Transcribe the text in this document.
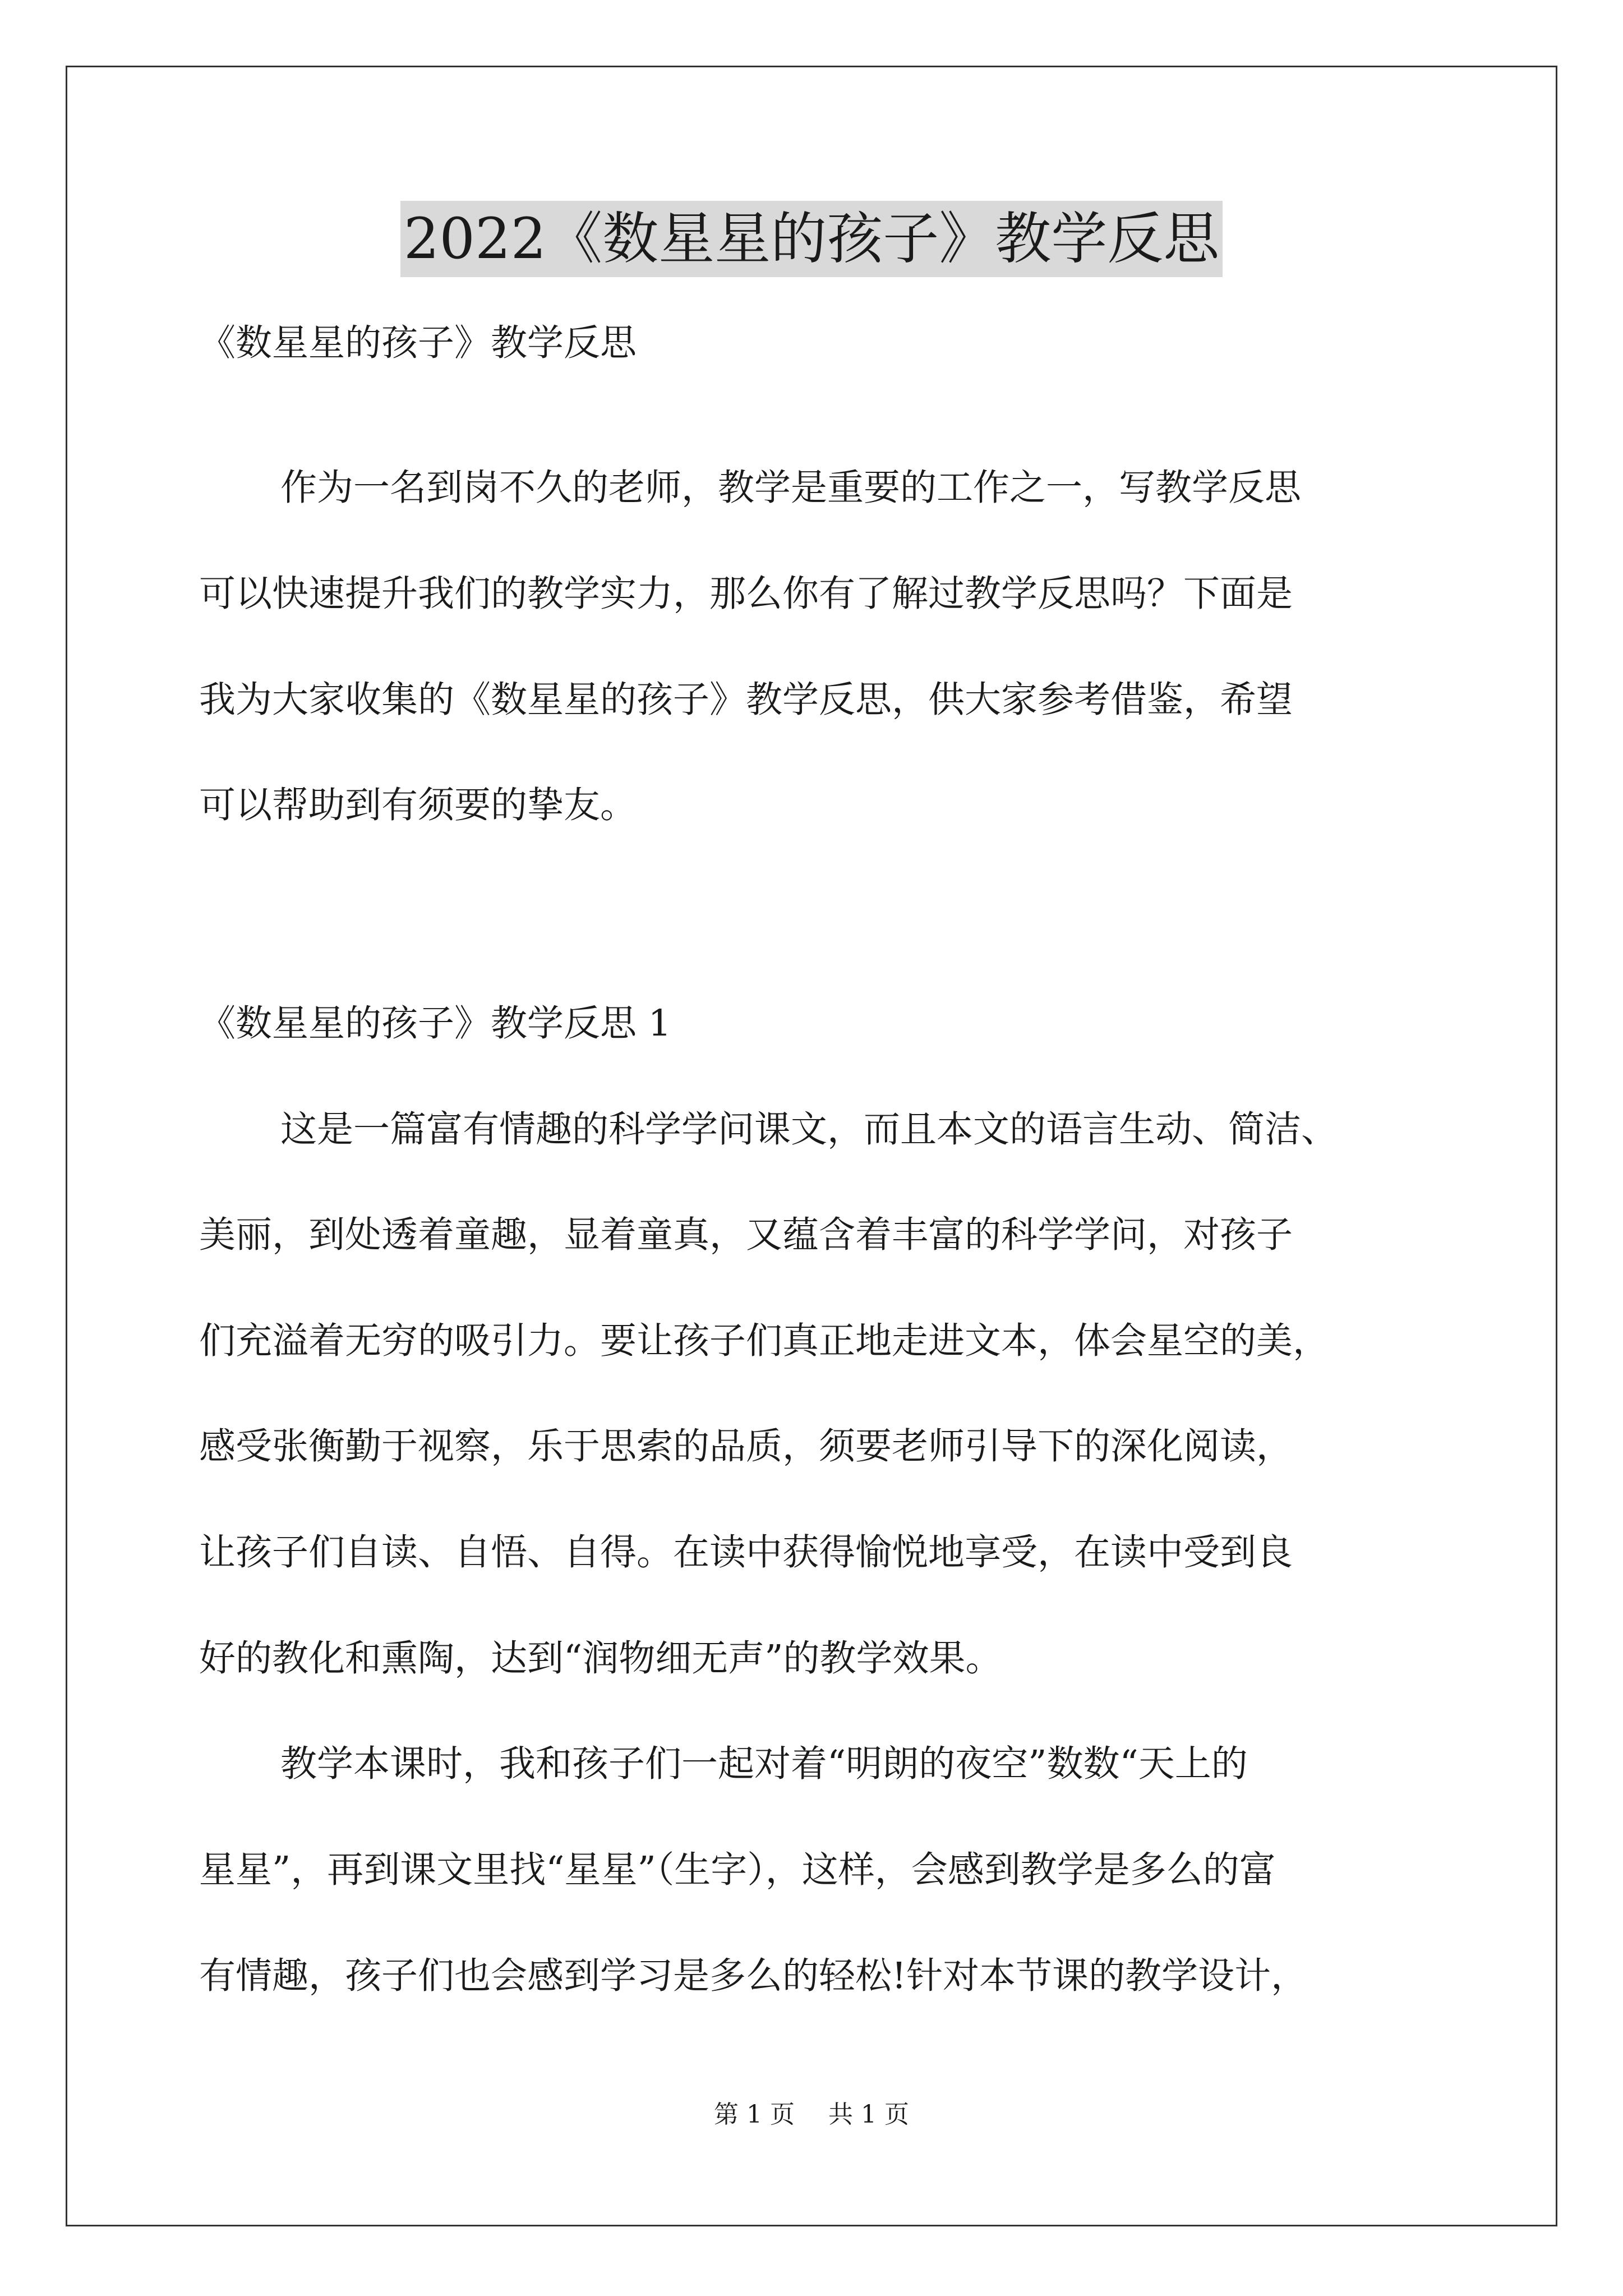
2022《数星星的孩子》教学反思
《数星星的孩子》教学反思
作为一名到岗不久的老师，教学是重要的工作之一，写教学反思
可以快速提升我们的教学实力，那么你有了解过教学反思吗？下面是
我为大家收集的《数星星的孩子》教学反思，供大家参考借鉴，希望
可以帮助到有须要的挚友。
《数星星的孩子》教学反思 1
这是一篇富有情趣的科学学问课文，而且本文的语言生动、简洁、
美丽，到处透着童趣，显着童真，又蕴含着丰富的科学学问，对孩子
们充溢着无穷的吸引力。要让孩子们真正地走进文本，体会星空的美，
感受张衡勤于视察，乐于思索的品质，须要老师引导下的深化阅读，
让孩子们自读、自悟、自得。在读中获得愉悦地享受，在读中受到良
好的教化和熏陶，达到“润物细无声”的教学效果。
教学本课时，我和孩子们一起对着“明朗的夜空”数数“天上的
星星”，再到课文里找“星星”（生字），这样，会感到教学是多么的富
有情趣，孩子们也会感到学习是多么的轻松!针对本节课的教学设计，
第 1 页 共 1 页
